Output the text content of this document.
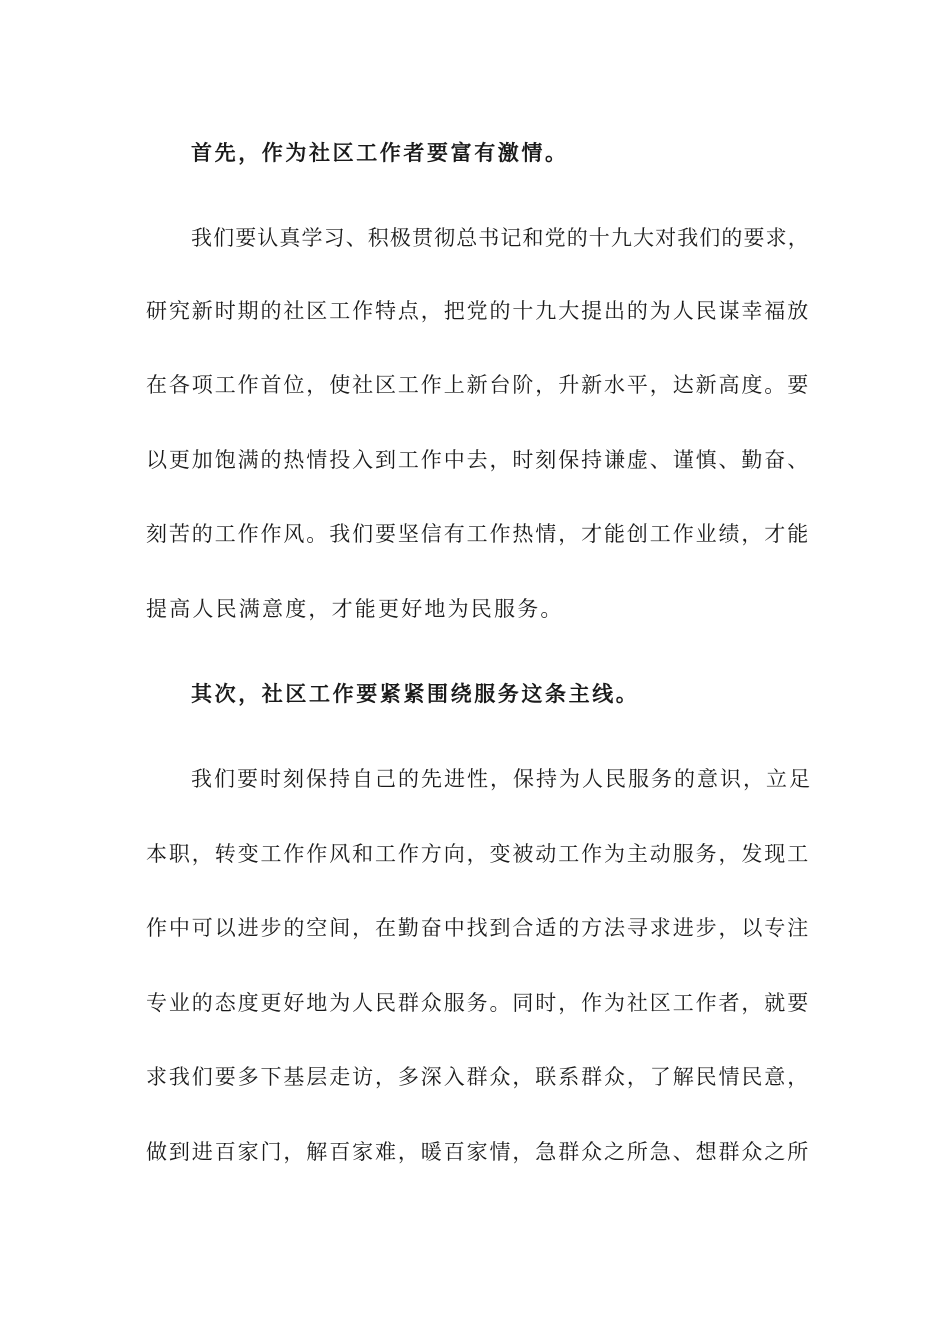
首先，作为社区工作者要富有激情。
我们要认真学习、积极贯彻总书记和党的十九大对我们的要求，
研究新时期的社区工作特点，把党的十九大提出的为人民谋幸福放
在各项工作首位，使社区工作上新台阶，升新水平，达新高度。要
以更加饱满的热情投入到工作中去，时刻保持谦虚、谨慎、勤奋、
刻苦的工作作风。我们要坚信有工作热情，才能创工作业绩，才能
提高人民满意度，才能更好地为民服务。
其次，社区工作要紧紧围绕服务这条主线。
我们要时刻保持自己的先进性，保持为人民服务的意识，立足
本职，转变工作作风和工作方向，变被动工作为主动服务，发现工
作中可以进步的空间，在勤奋中找到合适的方法寻求进步，以专注
专业的态度更好地为人民群众服务。同时，作为社区工作者，就要
求我们要多下基层走访，多深入群众，联系群众，了解民情民意，
做到进百家门，解百家难，暖百家情，急群众之所急、想群众之所
